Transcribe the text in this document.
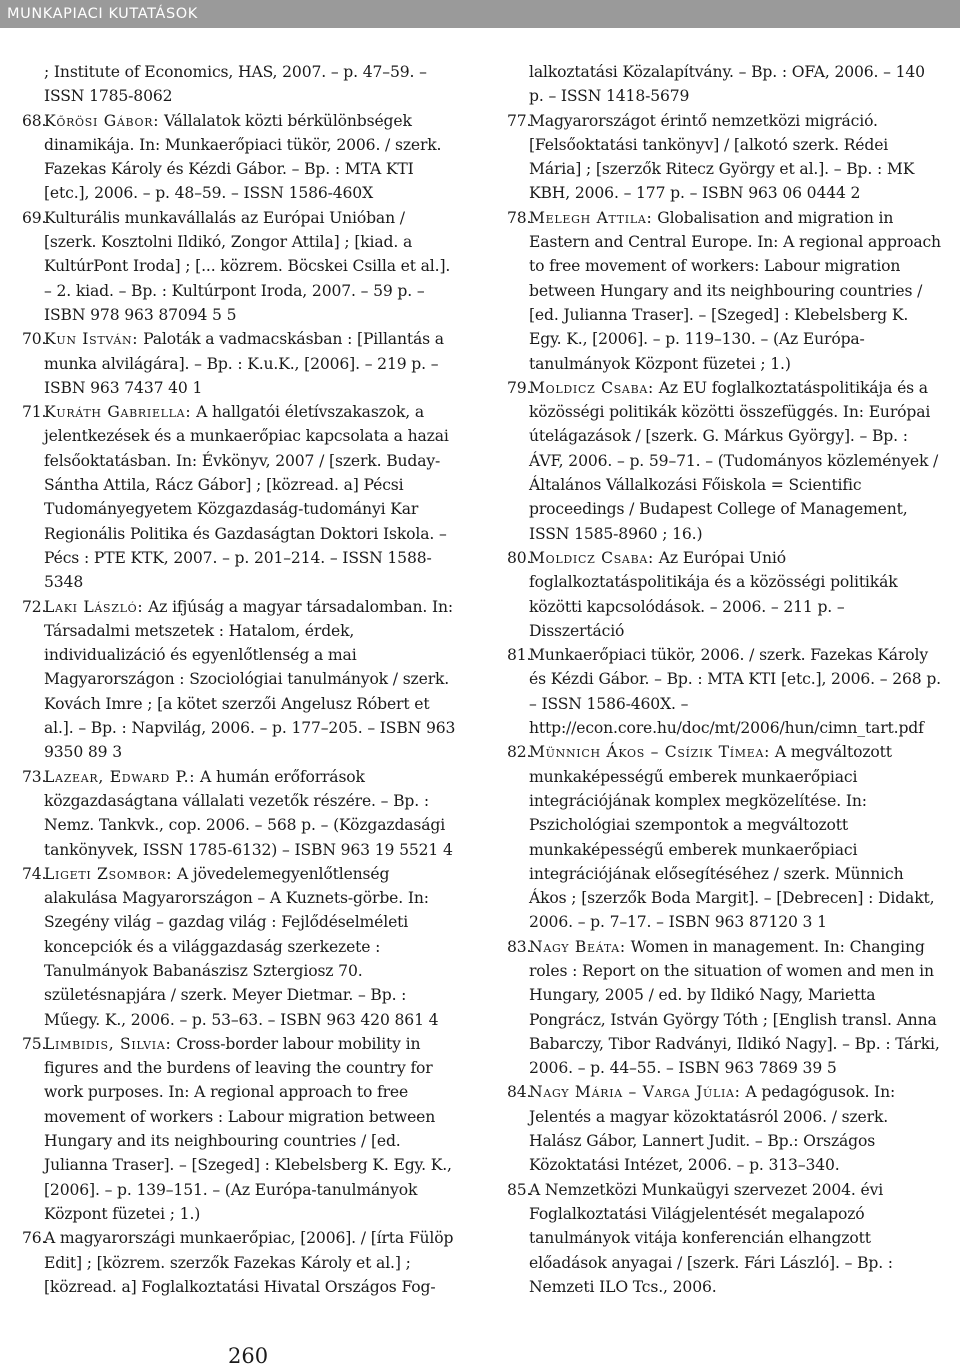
MUNKAPIACI KUTATÁSOK

; Institute of Economics, HAS, 2007. – p. 47–59. – ISSN 1785-8062

68.
Kőrösi Gábor: Vállalatok közti bérkülönbségek dinamikája. In: Munkaerőpiaci tükör, 2006. / szerk. Fazekas Károly és Kézdi Gábor. – Bp. : MTA KTI [etc.], 2006. – p. 48–59. – ISSN 1586-460X

69.
Kulturális munkavállalás az Európai Unióban / [szerk. Kosztolni Ildikó, Zongor Attila] ; [kiad. a KultúrPont Iroda] ; [... közrem. Böcskei Csilla et al.]. – 2. kiad. – Bp. : Kultúrpont Iroda, 2007. – 59 p. – ISBN 978 963 87094 5 5

70.
Kun István: Paloták a vadmacskásban : [Pillantás a munka alvilágára]. – Bp. : K.u.K., [2006]. – 219 p. – ISBN 963 7437 40 1

71.
Kuráth Gabriella: A hallgatói életívszakaszok, a jelentkezések és a munkaerőpiac kapcsolata a hazai felsőoktatásban. In: Évkönyv, 2007 / [szerk. Buday-Sántha Attila, Rácz Gábor] ; [közread. a] Pécsi Tudományegyetem Közgazdaság-tudományi Kar Regionális Politika és Gazdaságtan Doktori Iskola. – Pécs : PTE KTK, 2007. – p. 201–214. – ISSN 1588-5348

72.
Laki László: Az ifjúság a magyar társadalomban. In: Társadalmi metszetek : Hatalom, érdek, individualizáció és egyenlőtlenség a mai Magyarországon : Szociológiai tanulmányok / szerk. Kovách Imre ; [a kötet szerzői Angelusz Róbert et al.]. – Bp. : Napvilág, 2006. – p. 177–205. – ISBN 963 9350 89 3

73.
Lazear, Edward P.: A humán erőforrások közgazdaságtana vállalati vezetők részére. – Bp. : Nemz. Tankvk., cop. 2006. – 568 p. – (Közgazdasági tankönyvek, ISSN 1785-6132) – ISBN 963 19 5521 4

74.
Ligeti Zsombor: A jövedelemegyenlőtlenség alakulása Magyarországon – A Kuznets-görbe. In: Szegény világ – gazdag világ : Fejlődéselméleti koncepciók és a világgazdaság szerkezete : Tanulmányok Babanászisz Sztergiosz 70. születésnapjára / szerk. Meyer Dietmar. – Bp. : Műegy. K., 2006. – p. 53–63. – ISBN 963 420 861 4

75.
Limbidis, Silvia: Cross-border labour mobility in figures and the burdens of leaving the country for work purposes. In: A regional approach to free movement of workers : Labour migration between Hungary and its neighbouring countries / [ed. Julianna Traser]. – [Szeged] : Klebelsberg K. Egy. K., [2006]. – p. 139–151. – (Az Európa-tanulmányok Központ füzetei ; 1.)

76.
A magyarországi munkaerőpiac, [2006]. / [írta Fülöp Edit] ; [közrem. szerzők Fazekas Károly et al.] ; [közread. a] Foglalkoztatási Hivatal Országos Fog-

lalkoztatási Közalapítvány. – Bp. : OFA, 2006. – 140 p. – ISSN 1418-5679

77.
Magyarországot érintő nemzetközi migráció. [Felsőoktatási tankönyv] / [alkotó szerk. Rédei Mária] ; [szerzők Ritecz György et al.]. – Bp. : MK KBH, 2006. – 177 p. – ISBN 963 06 0444 2

78.
Melegh Attila: Globalisation and migration in Eastern and Central Europe. In: A regional approach to free movement of workers: Labour migration between Hungary and its neighbouring countries / [ed. Julianna Traser]. – [Szeged] : Klebelsberg K. Egy. K., [2006]. – p. 119–130. – (Az Európa-tanulmányok Központ füzetei ; 1.)

79.
Moldicz Csaba: Az EU foglalkoztatáspolitikája és a közösségi politikák közötti összefüggés. In: Európai útelágazások / [szerk. G. Márkus György]. – Bp. : ÁVF, 2006. – p. 59–71. – (Tudományos közlemények / Általános Vállalkozási Főiskola = Scientific proceedings / Budapest College of Management, ISSN 1585-8960 ; 16.)

80.
Moldicz Csaba: Az Európai Unió foglalkoztatáspolitikája és a közösségi politikák közötti kapcsolódások. – 2006. – 211 p. – Disszertáció

81.
Munkaerőpiaci tükör, 2006. / szerk. Fazekas Károly és Kézdi Gábor. – Bp. : MTA KTI [etc.], 2006. – 268 p. – ISSN 1586-460X. – http://econ.core.hu/doc/mt/2006/hun/cimn_tart.pdf

82.
Münnich Ákos – Csízik Tímea: A megváltozott munkaképességű emberek munkaerőpiaci integrációjának komplex megközelítése. In: Pszichológiai szempontok a megváltozott munkaképességű emberek munkaerőpiaci integrációjának elősegítéséhez / szerk. Münnich Ákos ; [szerzők Boda Margit]. – [Debrecen] : Didakt, 2006. – p. 7–17. – ISBN 963 87120 3 1

83.
Nagy Beáta: Women in management. In: Changing roles : Report on the situation of women and men in Hungary, 2005 / ed. by Ildikó Nagy, Marietta Pongrácz, István György Tóth ; [English transl. Anna Babarczy, Tibor Radványi, Ildikó Nagy]. – Bp. : Tárki, 2006. – p. 44–55. – ISBN 963 7869 39 5

84.
Nagy Mária – Varga Júlia: A pedagógusok. In: Jelentés a magyar közoktatásról 2006. / szerk. Halász Gábor, Lannert Judit. – Bp.: Országos Közoktatási Intézet, 2006. – p. 313–340.

85.
A Nemzetközi Munkaügyi szervezet 2004. évi Foglalkoztatási Világjelentését megalapozó tanulmányok vitája konferencián elhangzott előadások anyagai / [szerk. Fári László]. – Bp. : Nemzeti ILO Tcs., 2006.

260
